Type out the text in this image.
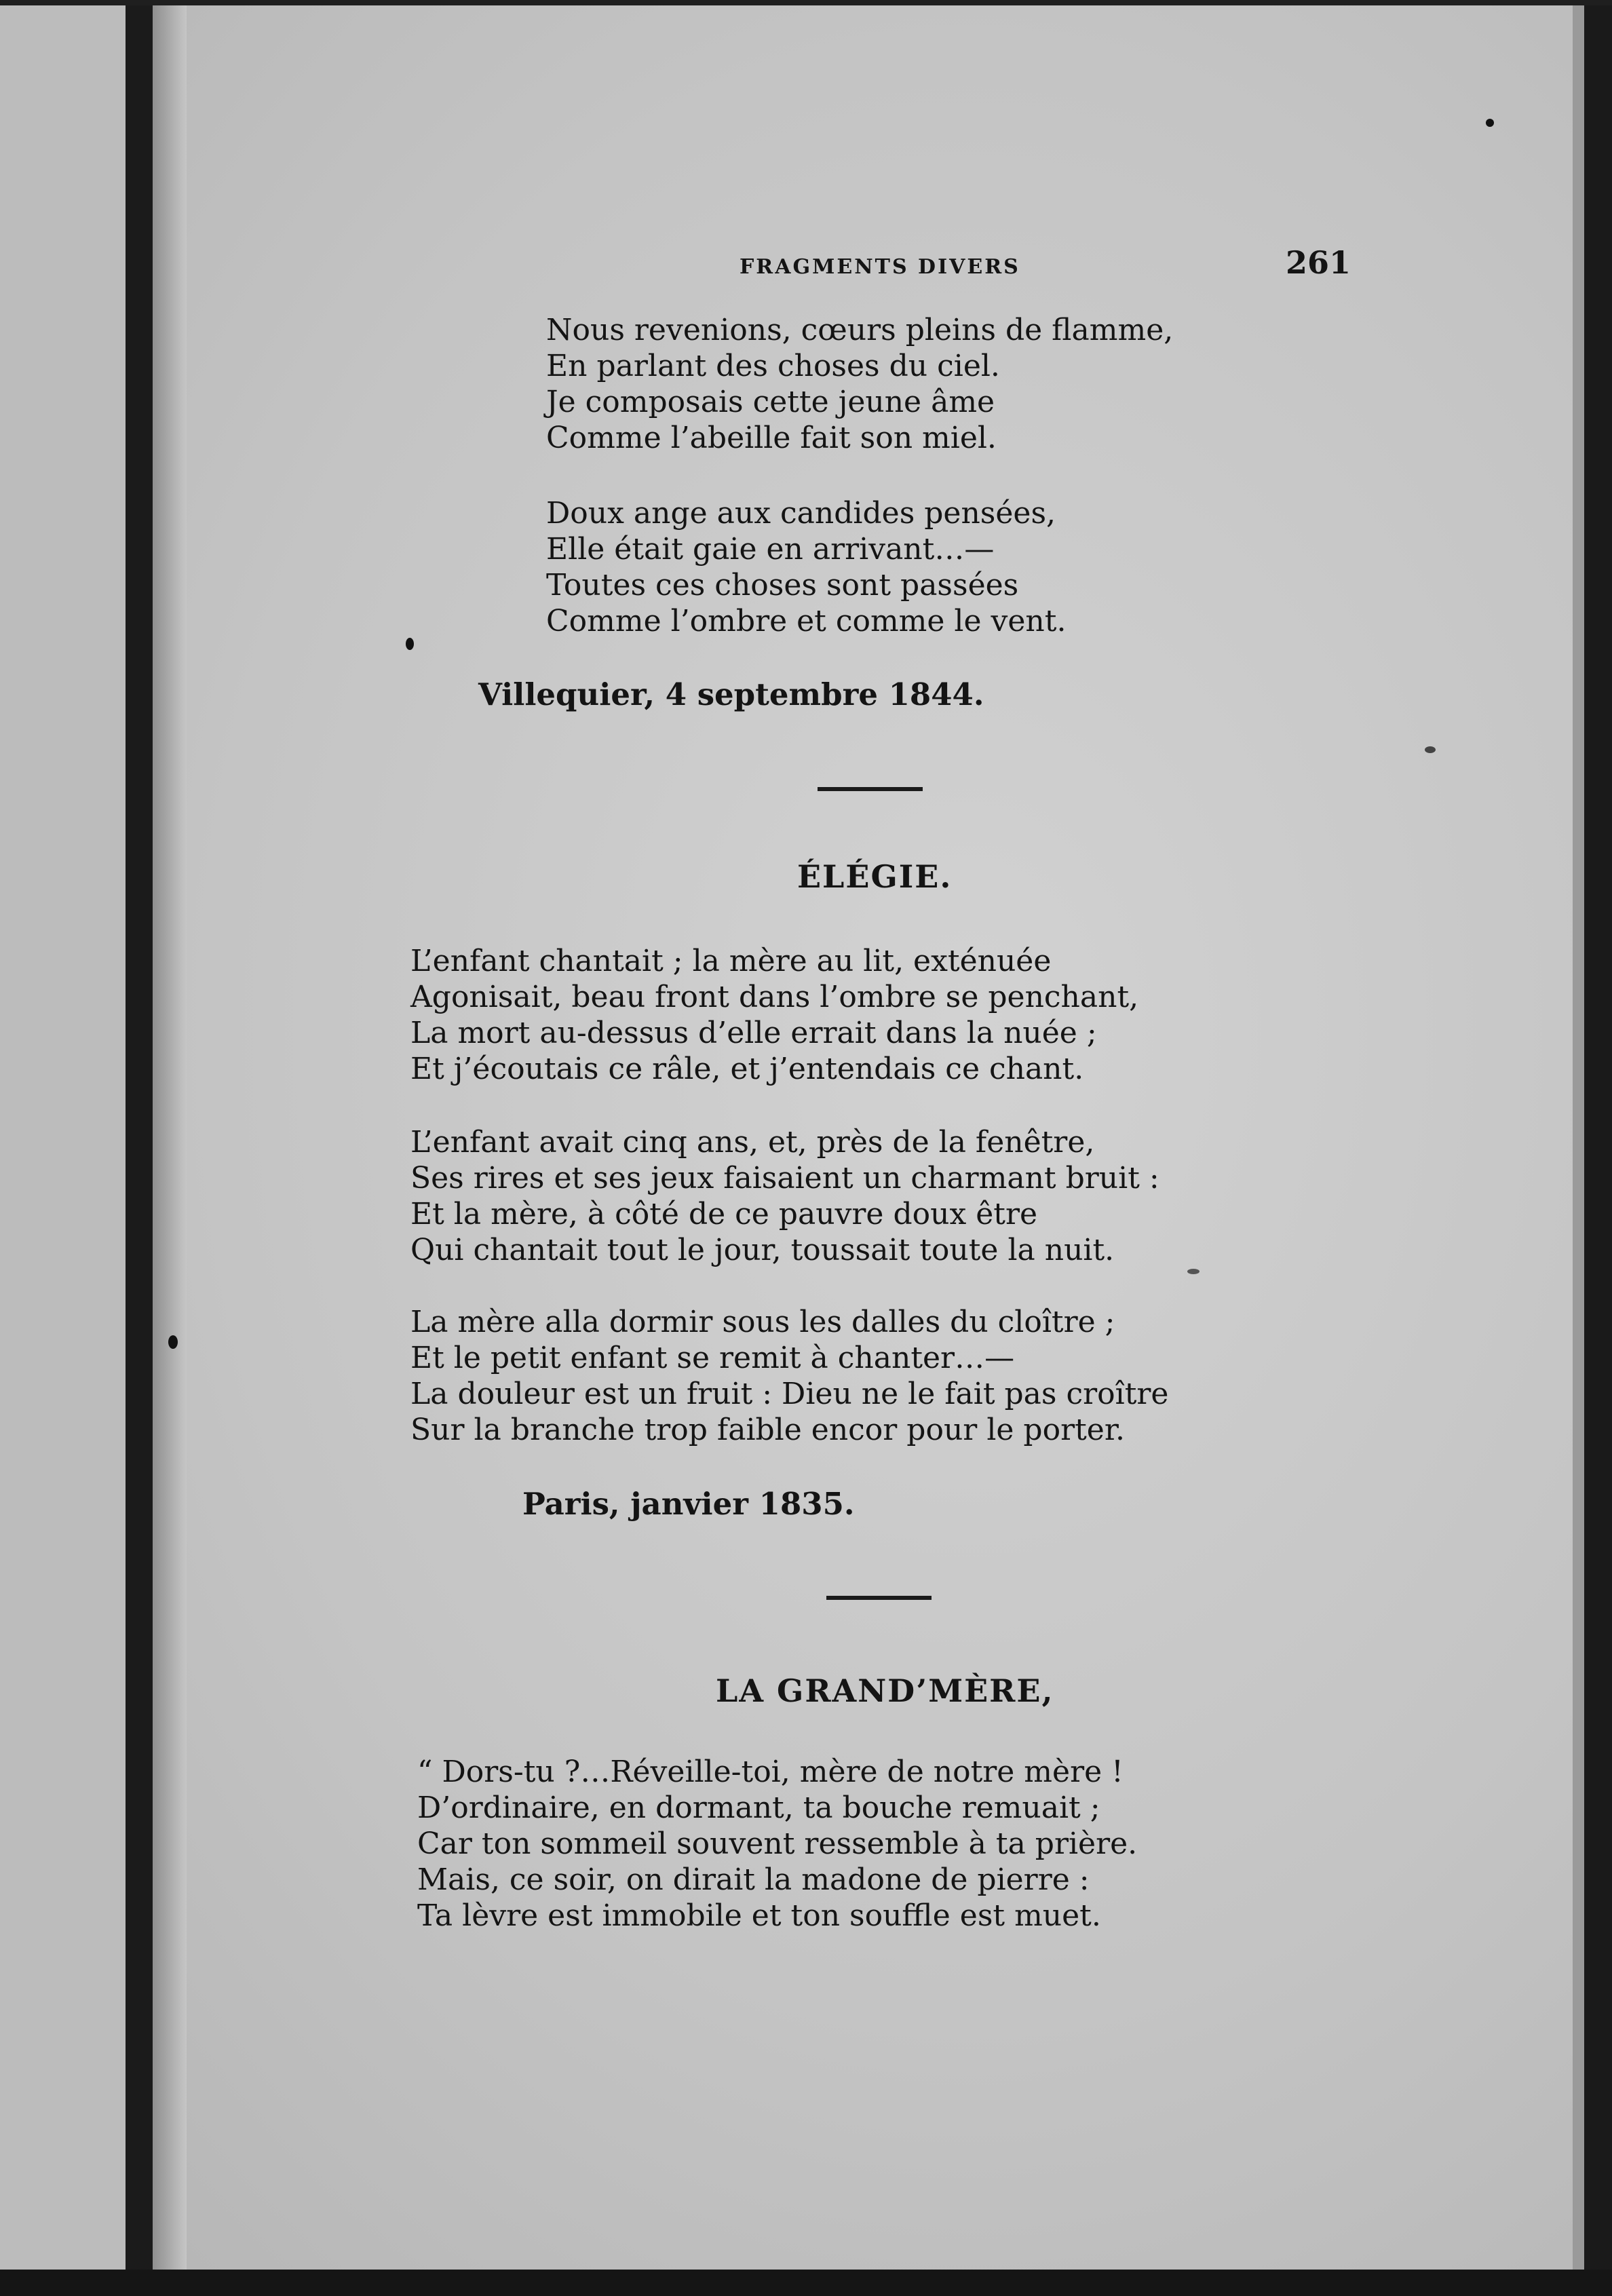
FRAGMENTS DIVERS	261
Nous revenions, cœurs pleins de flamme,
En parlant des choses du ciel.
Je composais cette jeune âme
Comme l’abeille fait son miel.
Doux ange aux candides pensées,
Elle était gaie en arrivant…—
Toutes ces choses sont passées
Comme l’ombre et comme le vent.
Villequier, 4 septembre 1844.
ÉLÉGIE.
L’enfant chantait ; la mère au lit, exténuée
Agonisait, beau front dans l’ombre se penchant,
La mort au-dessus d’elle errait dans la nuée ;
Et j’écoutais ce râle, et j’entendais ce chant.
L’enfant avait cinq ans, et, près de la fenêtre,
Ses rires et ses jeux faisaient un charmant bruit :
Et la mère, à côté de ce pauvre doux être
Qui chantait tout le jour, toussait toute la nuit.
La mère alla dormir sous les dalles du cloître ;
Et le petit enfant se remit à chanter…—
La douleur est un fruit : Dieu ne le fait pas croître
Sur la branche trop faible encor pour le porter.
Paris, janvier 1835.
LA GRAND’MÈRE,
“ Dors-tu ?…Réveille-toi, mère de notre mère !
D’ordinaire, en dormant, ta bouche remuait ;
Car ton sommeil souvent ressemble à ta prière.
Mais, ce soir, on dirait la madone de pierre :
Ta lèvre est immobile et ton souffle est muet.
